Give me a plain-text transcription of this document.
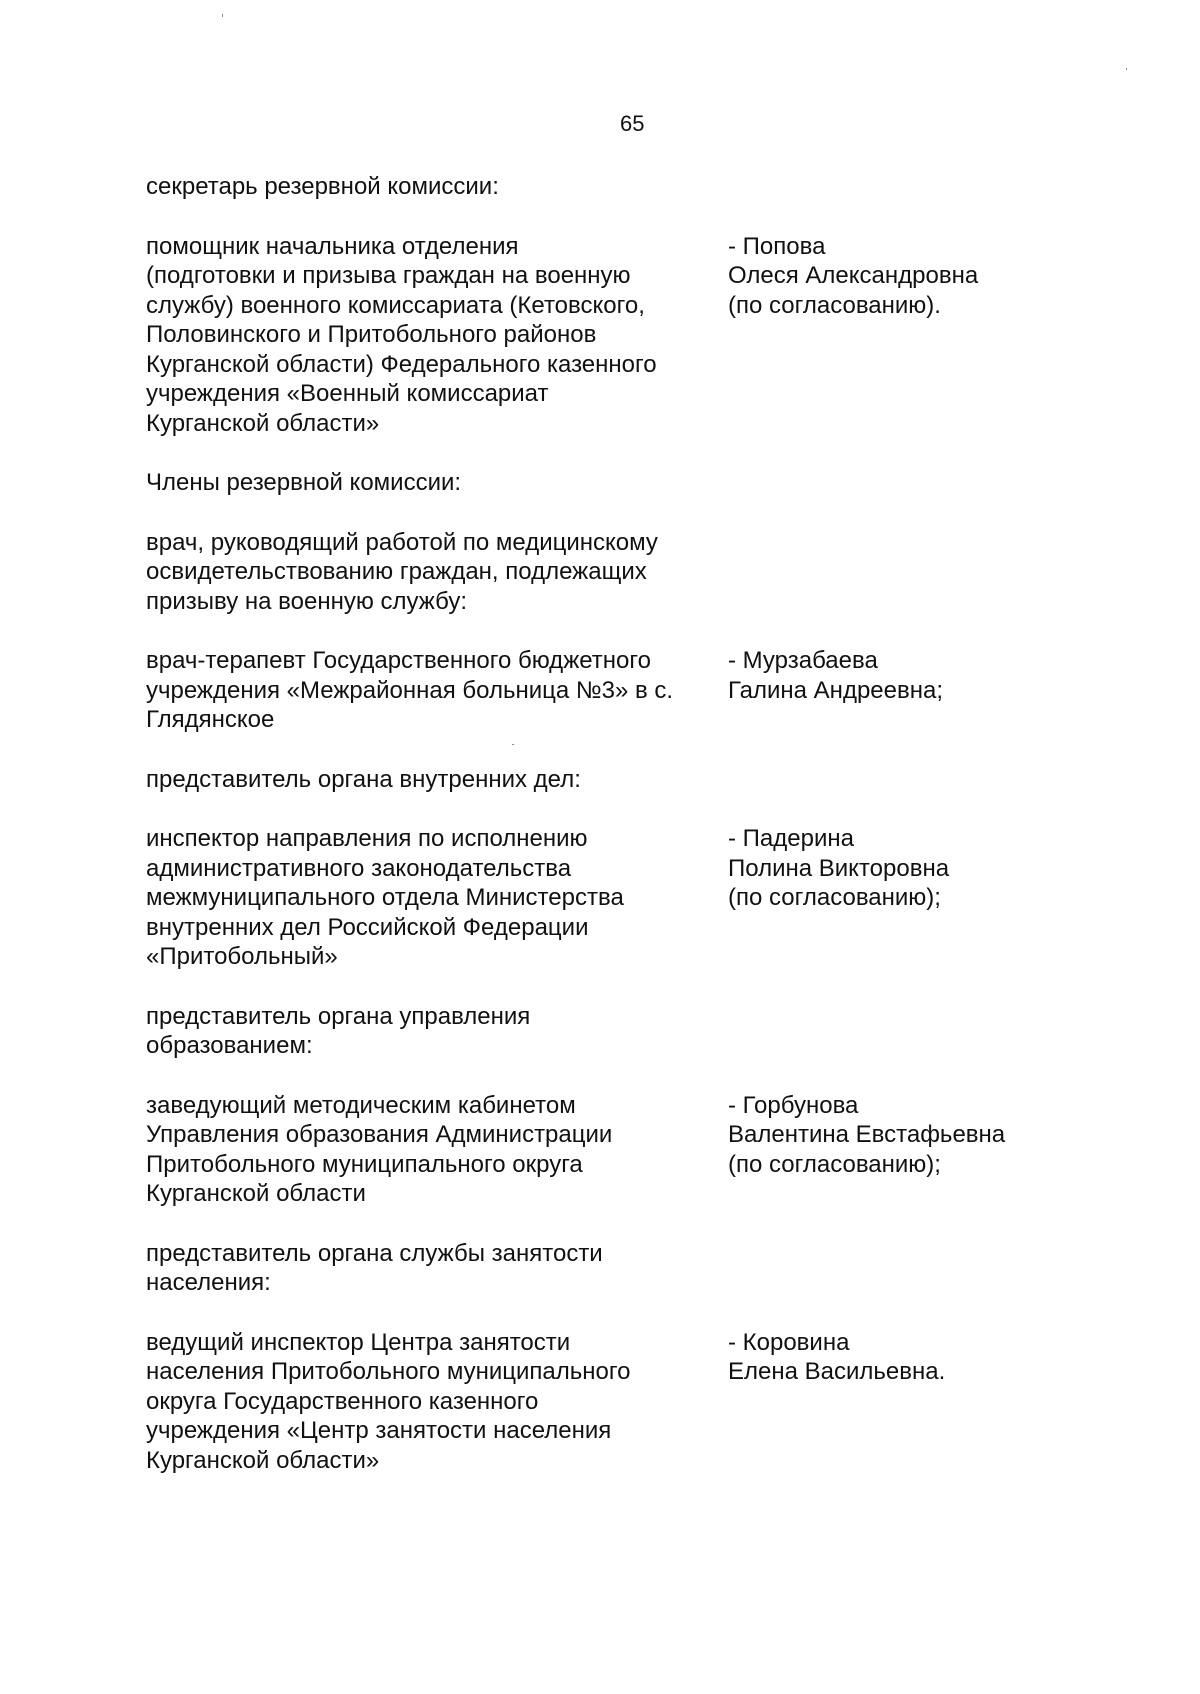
65
секретарь резервной комиссии:
помощник начальника отделения
(подготовки и призыва граждан на военную
службу) военного комиссариата (Кетовского,
Половинского и Притобольного районов
Курганской области) Федерального казенного
учреждения «Военный комиссариат
Курганской области»
- Попова
Олеся Александровна
(по согласованию).
Члены резервной комиссии:
врач, руководящий работой по медицинскому
освидетельствованию граждан, подлежащих
призыву на военную службу:
врач-терапевт Государственного бюджетного
учреждения «Межрайонная больница №3» в с.
Глядянское
- Мурзабаева
Галина Андреевна;
представитель органа внутренних дел:
инспектор направления по исполнению
административного законодательства
межмуниципального отдела Министерства
внутренних дел Российской Федерации
«Притобольный»
- Падерина
Полина Викторовна
(по согласованию);
представитель органа управления
образованием:
заведующий методическим кабинетом
Управления образования Администрации
Притобольного муниципального округа
Курганской области
- Горбунова
Валентина Евстафьевна
(по согласованию);
представитель органа службы занятости
населения:
ведущий инспектор Центра занятости
населения Притобольного муниципального
округа Государственного казенного
учреждения «Центр занятости населения
Курганской области»
- Коровина
Елена Васильевна.
